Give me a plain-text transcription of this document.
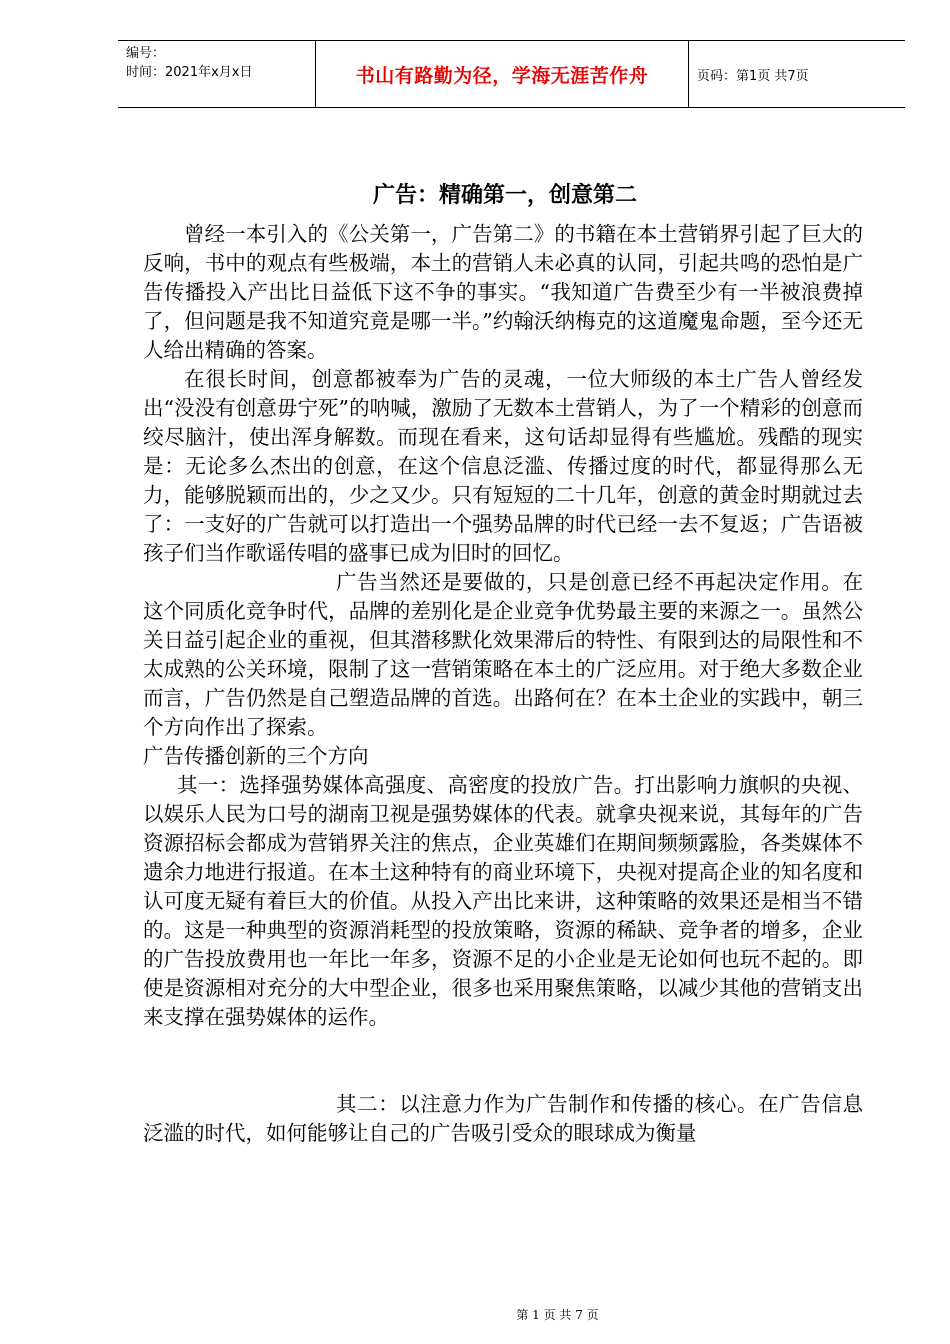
编号：
时间：2021年x月x日	书山有路勤为径，学海无涯苦作舟	页码：第1页 共7页
广告：精确第一，创意第二

曾经一本引入的《公关第一，广告第二》的书籍在本土营销界引起了巨大的反响，书中的观点有些极端，本土的营销人未必真的认同，引起共鸣的恐怕是广告传播投入产出比日益低下这不争的事实。“我知道广告费至少有一半被浪费掉了，但问题是我不知道究竟是哪一半。”约翰沃纳梅克的这道魔鬼命题，至今还无人给出精确的答案。

在很长时间，创意都被奉为广告的灵魂，一位大师级的本土广告人曾经发出“没没有创意毋宁死”的呐喊，激励了无数本土营销人，为了一个精彩的创意而绞尽脑汁，使出浑身解数。而现在看来，这句话却显得有些尴尬。残酷的现实是：无论多么杰出的创意，在这个信息泛滥、传播过度的时代，都显得那么无力，能够脱颖而出的，少之又少。只有短短的二十几年，创意的黄金时期就过去了：一支好的广告就可以打造出一个强势品牌的时代已经一去不复返；广告语被孩子们当作歌谣传唱的盛事已成为旧时的回忆。

广告当然还是要做的，只是创意已经不再起决定作用。在这个同质化竞争时代，品牌的差别化是企业竞争优势最主要的来源之一。虽然公关日益引起企业的重视，但其潜移默化效果滞后的特性、有限到达的局限性和不太成熟的公关环境，限制了这一营销策略在本土的广泛应用。对于绝大多数企业而言，广告仍然是自己塑造品牌的首选。出路何在？在本土企业的实践中，朝三个方向作出了探索。

广告传播创新的三个方向

其一：选择强势媒体高强度、高密度的投放广告。打出影响力旗帜的央视、以娱乐人民为口号的湖南卫视是强势媒体的代表。就拿央视来说，其每年的广告资源招标会都成为营销界关注的焦点，企业英雄们在期间频频露脸，各类媒体不遗余力地进行报道。在本土这种特有的商业环境下，央视对提高企业的知名度和认可度无疑有着巨大的价值。从投入产出比来讲，这种策略的效果还是相当不错的。这是一种典型的资源消耗型的投放策略，资源的稀缺、竞争者的增多，企业的广告投放费用也一年比一年多，资源不足的小企业是无论如何也玩不起的。即使是资源相对充分的大中型企业，很多也采用聚焦策略，以减少其他的营销支出来支撑在强势媒体的运作。

其二：以注意力作为广告制作和传播的核心。在广告信息泛滥的时代，如何能够让自己的广告吸引受众的眼球成为衡量

第 1 页 共 7 页
